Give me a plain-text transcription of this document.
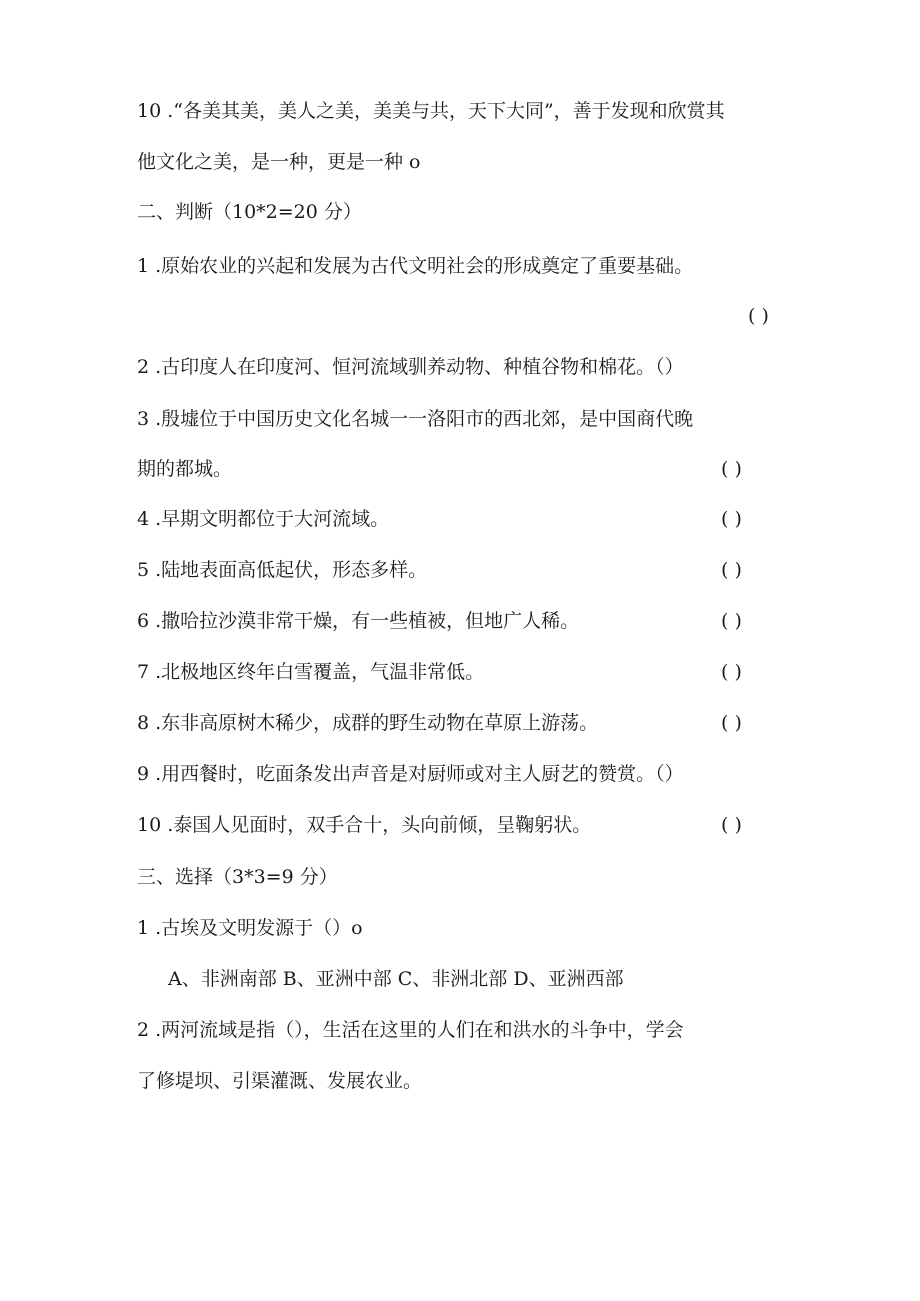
10 .“各美其美，美人之美，美美与共，天下大同”，善于发现和欣赏其
他文化之美，是一种，更是一种 o
二、判断（10*2=20 分）
1 .原始农业的兴起和发展为古代文明社会的形成奠定了重要基础。
( )
2 .古印度人在印度河、恒河流域驯养动物、种植谷物和棉花。（）
3 .殷墟位于中国历史文化名城一一洛阳市的西北郊，是中国商代晚
期的都城。	( )
4 .早期文明都位于大河流域。	( )
5 .陆地表面高低起伏，形态多样。	( )
6 .撒哈拉沙漠非常干燥，有一些植被，但地广人稀。	( )
7 .北极地区终年白雪覆盖，气温非常低。	( )
8 .东非高原树木稀少，成群的野生动物在草原上游荡。	( )
9 .用西餐时，吃面条发出声音是对厨师或对主人厨艺的赞赏。（）
10 .泰国人见面时，双手合十，头向前倾，呈鞠躬状。	( )
三、选择（3*3=9 分）
1 .古埃及文明发源于（）o
A、非洲南部 B、亚洲中部 C、非洲北部 D、亚洲西部
2 .两河流域是指（），生活在这里的人们在和洪水的斗争中，学会
了修堤坝、引渠灌溉、发展农业。
